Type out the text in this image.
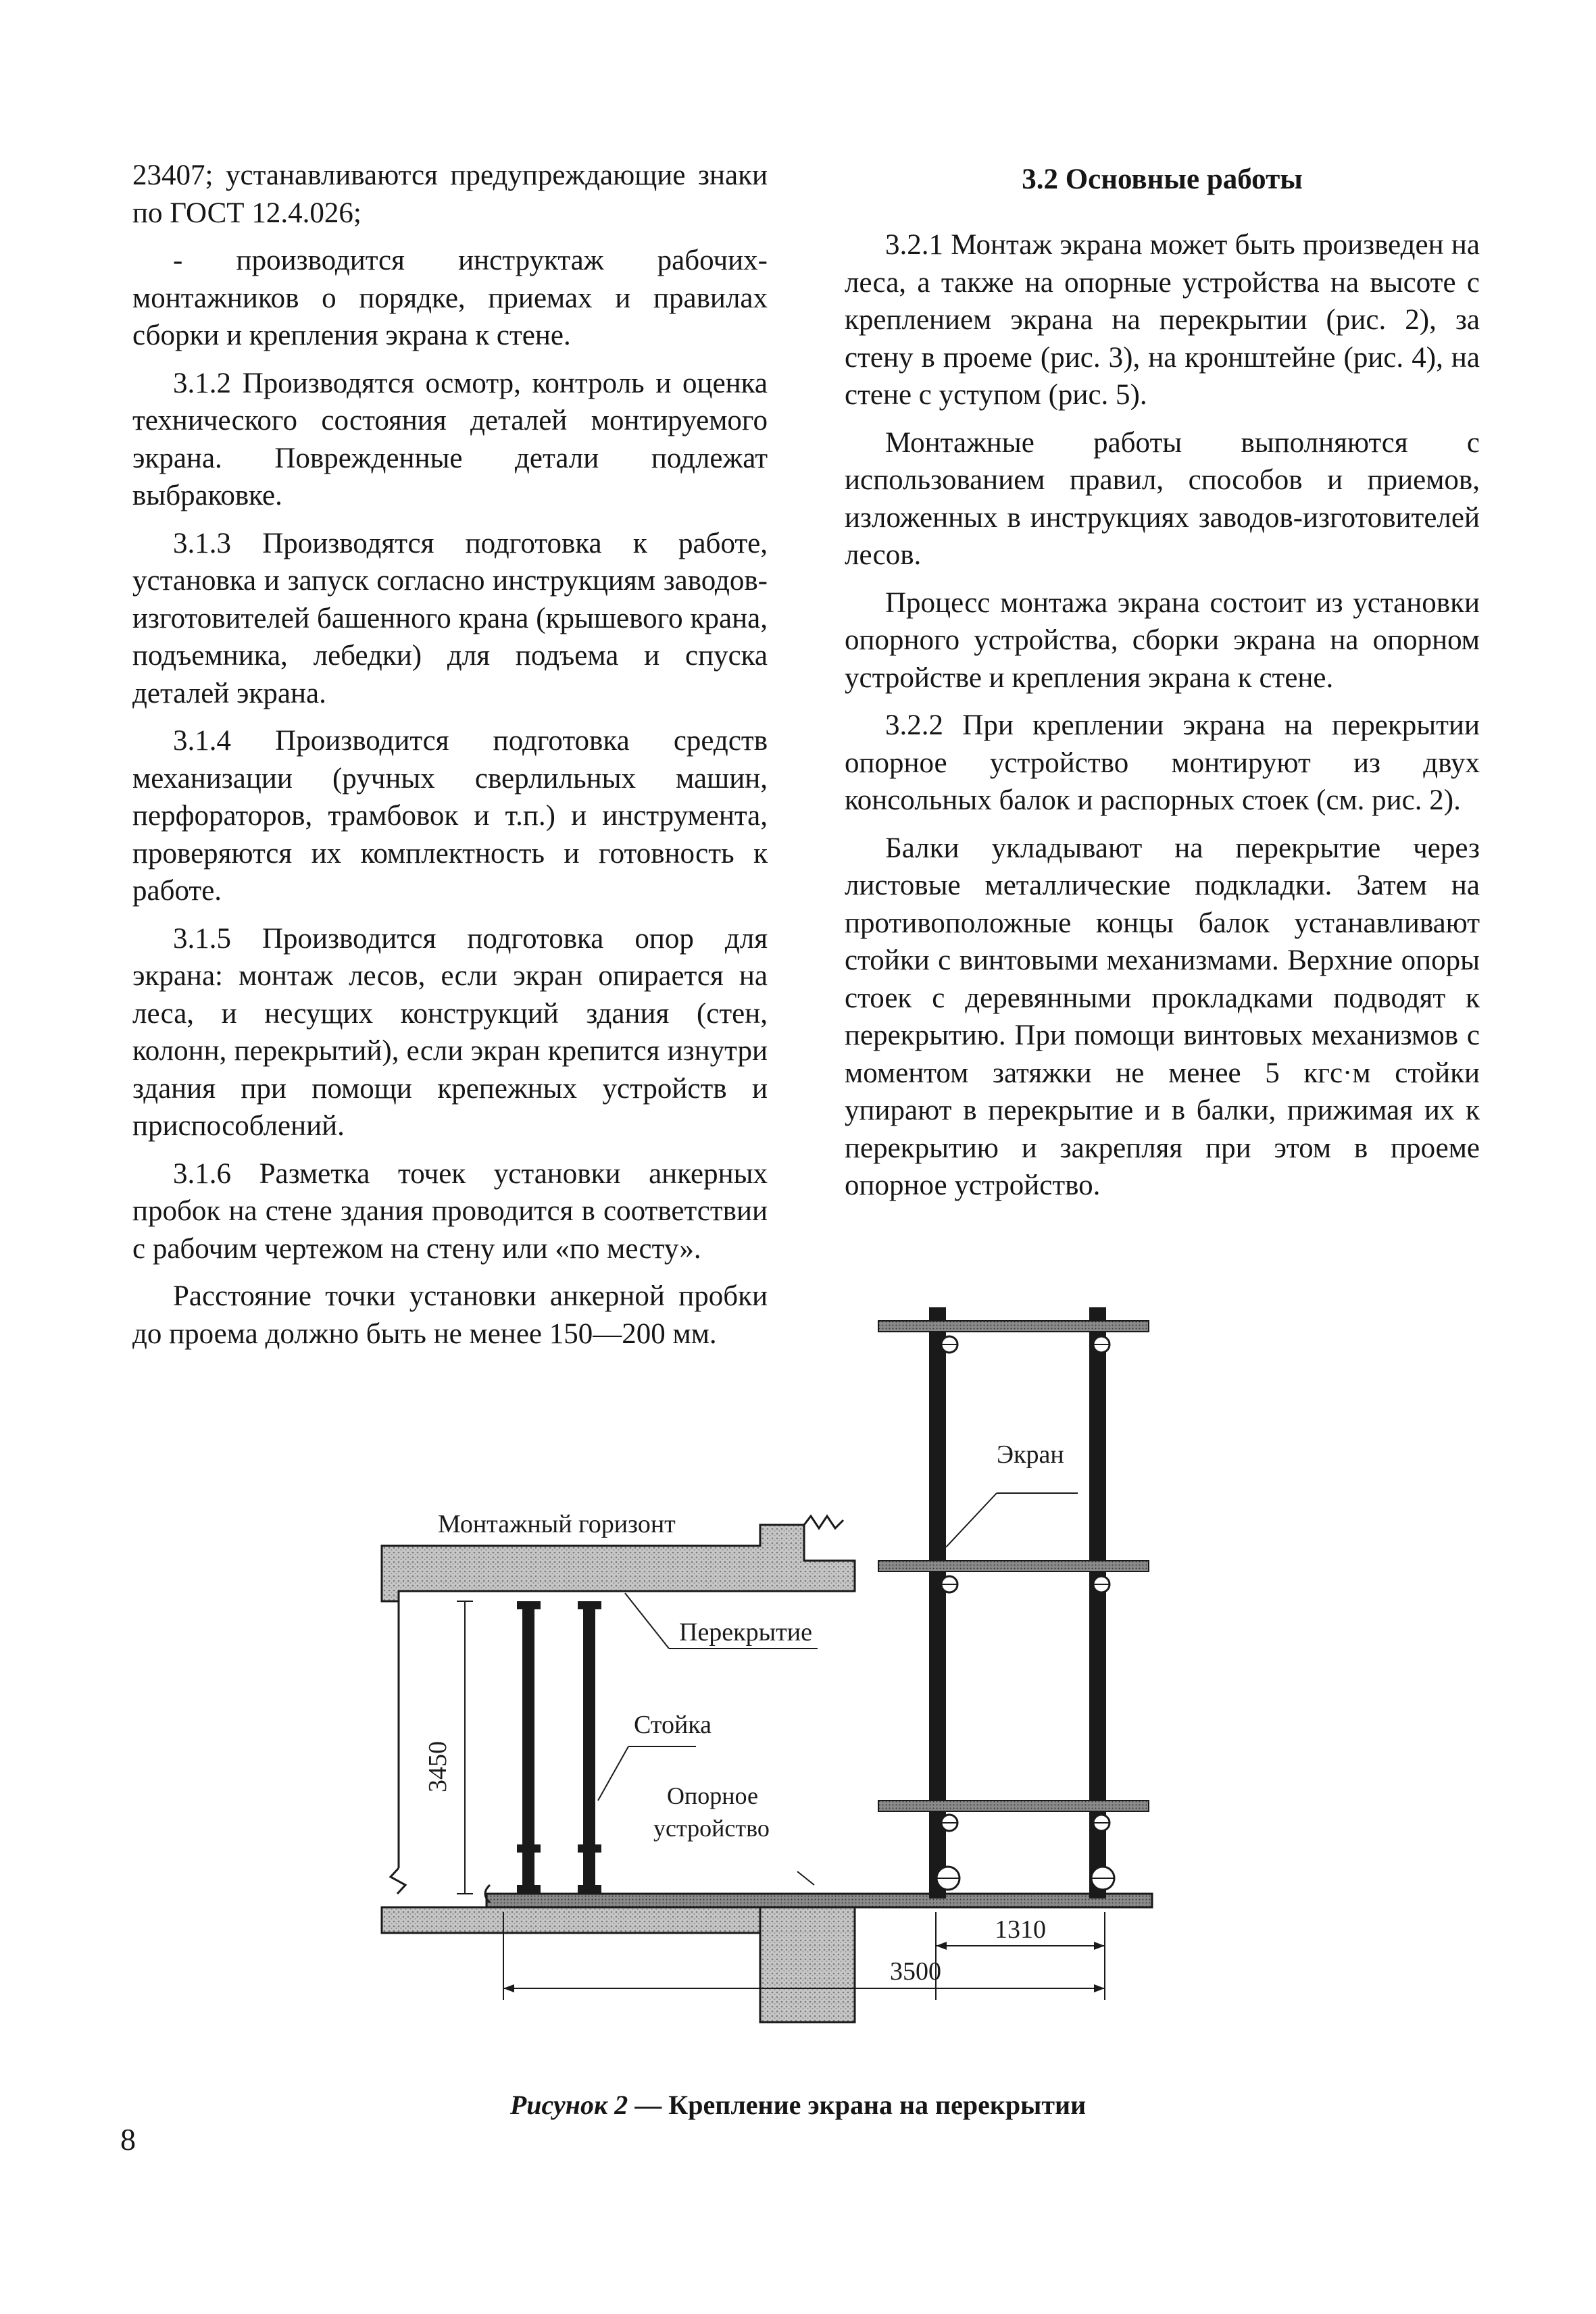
23407; устанавливаются предупреждающие знаки по ГОСТ 12.4.026;

- производится инструктаж рабочих-монтажников о порядке, приемах и правилах сборки и крепления экрана к стене.

3.1.2 Производятся осмотр, контроль и оценка технического состояния деталей монтируемого экрана. Поврежденные детали подлежат выбраковке.

3.1.3 Производятся подготовка к работе, установка и запуск согласно инструкциям заводов-изготовителей башенного крана (крышевого крана, подъемника, лебедки) для подъема и спуска деталей экрана.

3.1.4 Производится подготовка средств механизации (ручных сверлильных машин, перфораторов, трамбовок и т.п.) и инструмента, проверяются их комплектность и готовность к работе.

3.1.5 Производится подготовка опор для экрана: монтаж лесов, если экран опирается на леса, и несущих конструкций здания (стен, колонн, перекрытий), если экран крепится изнутри здания при помощи крепежных устройств и приспособлений.

3.1.6 Разметка точек установки анкерных пробок на стене здания проводится в соответствии с рабочим чертежом на стену или «по месту».

Расстояние точки установки анкерной пробки до проема должно быть не менее 150—200 мм.

3.2 Основные работы

3.2.1 Монтаж экрана может быть произведен на леса, а также на опорные устройства на высоте с креплением экрана на перекрытии (рис. 2), за стену в проеме (рис. 3), на кронштейне (рис. 4), на стене с уступом (рис. 5).

Монтажные работы выполняются с использованием правил, способов и приемов, изложенных в инструкциях заводов-изготовителей лесов.

Процесс монтажа экрана состоит из установки опорного устройства, сборки экрана на опорном устройстве и крепления экрана к стене.

3.2.2 При креплении экрана на перекрытии опорное устройство монтируют из двух консольных балок и распорных стоек (см. рис. 2).

Балки укладывают на перекрытие через листовые металлические подкладки. Затем на противоположные концы балок устанавливают стойки с винтовыми механизмами. Верхние опоры стоек с деревянными прокладками подводят к перекрытию. При помощи винтовых механизмов с моментом затяжки не менее 5 кгс·м стойки упирают в перекрытие и в балки, прижимая их к перекрытию и закрепляя при этом в проеме опорное устройство.

Экран
Монтажный горизонт
Перекрытие
Стойка
Опорное
устройство
3450
1310
3500
Рисунок 2 — Крепление экрана на перекрытии
8
